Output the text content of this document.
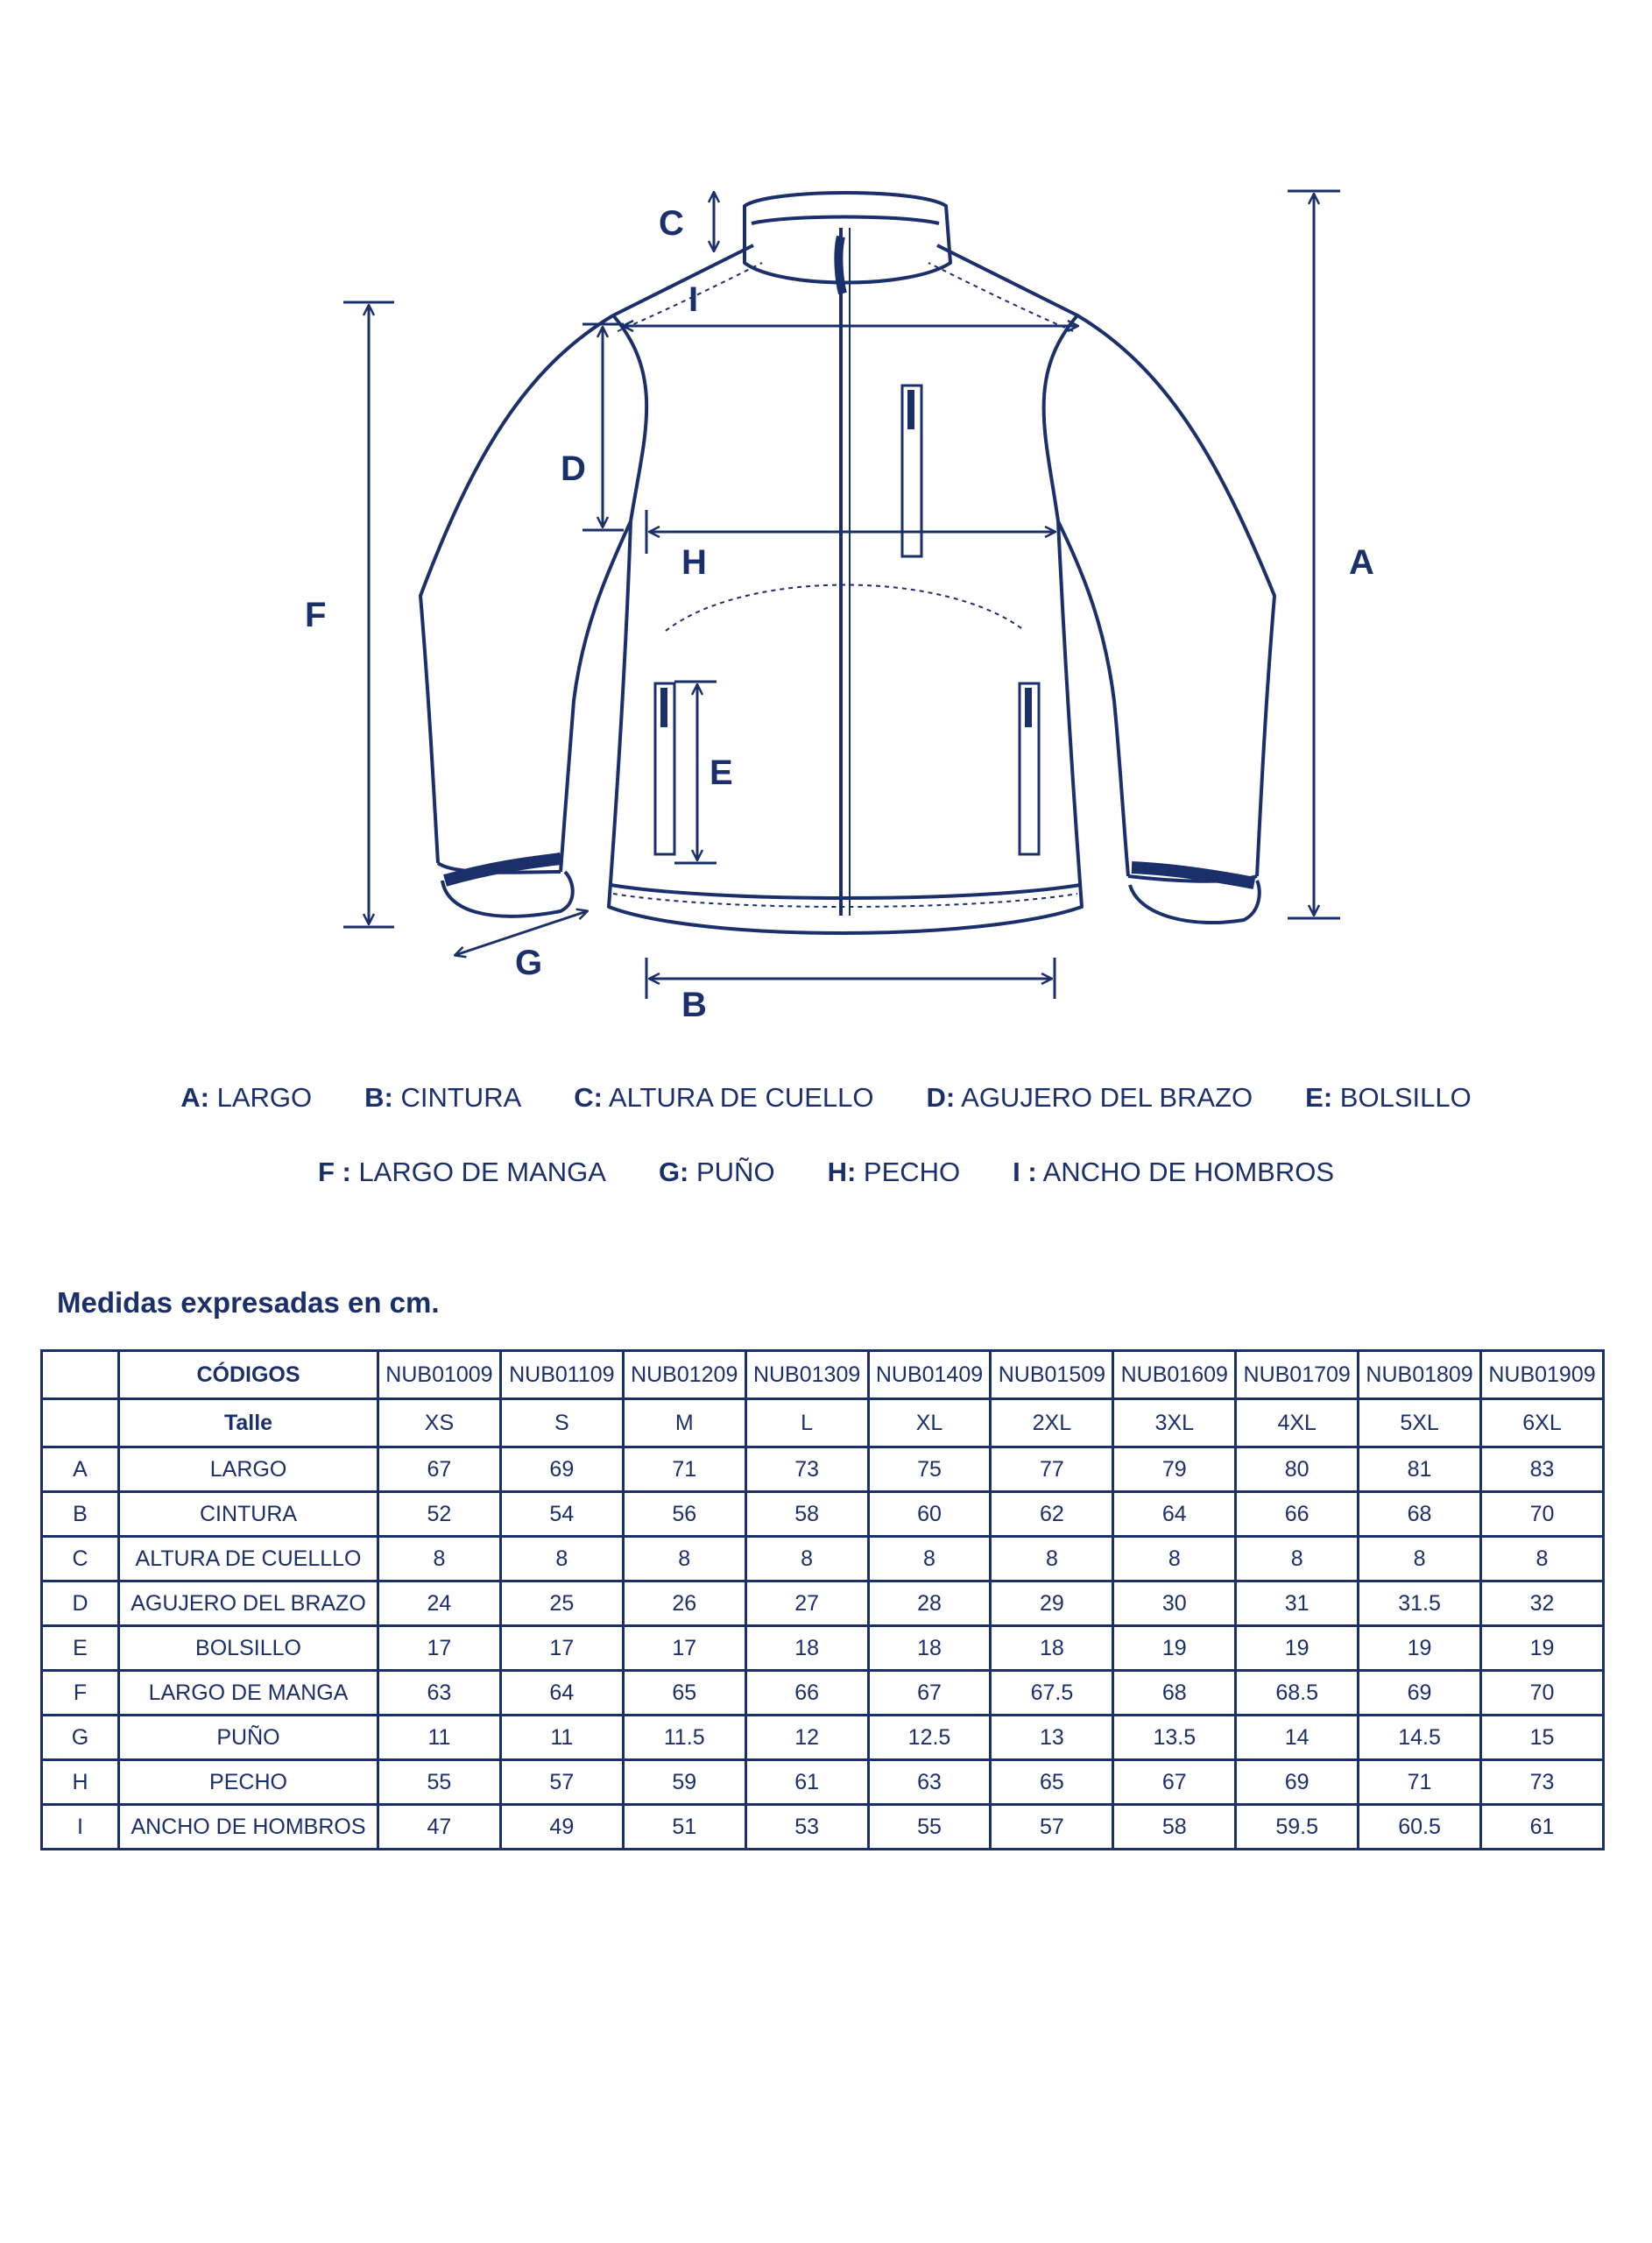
A
B
C
D
E
F
G
H
I
A: LARGO B: CINTURA C: ALTURA DE CUELLO D: AGUJERO DEL BRAZO E: BOLSILLO
F : LARGO DE MANGA G: PUÑO H: PECHO I : ANCHO DE HOMBROS
Medidas expresadas en cm.
	CÓDIGOS	NUB01009	NUB01109	NUB01209	NUB01309	NUB01409	NUB01509	NUB01609	NUB01709	NUB01809	NUB01909
	Talle	XS	S	M	L	XL	2XL	3XL	4XL	5XL	6XL
A	LARGO	67	69	71	73	75	77	79	80	81	83
B	CINTURA	52	54	56	58	60	62	64	66	68	70
C	ALTURA DE CUELLLO	8	8	8	8	8	8	8	8	8	8
D	AGUJERO DEL BRAZO	24	25	26	27	28	29	30	31	31.5	32
E	BOLSILLO	17	17	17	18	18	18	19	19	19	19
F	LARGO DE MANGA	63	64	65	66	67	67.5	68	68.5	69	70
G	PUÑO	11	11	11.5	12	12.5	13	13.5	14	14.5	15
H	PECHO	55	57	59	61	63	65	67	69	71	73
I	ANCHO DE HOMBROS	47	49	51	53	55	57	58	59.5	60.5	61
